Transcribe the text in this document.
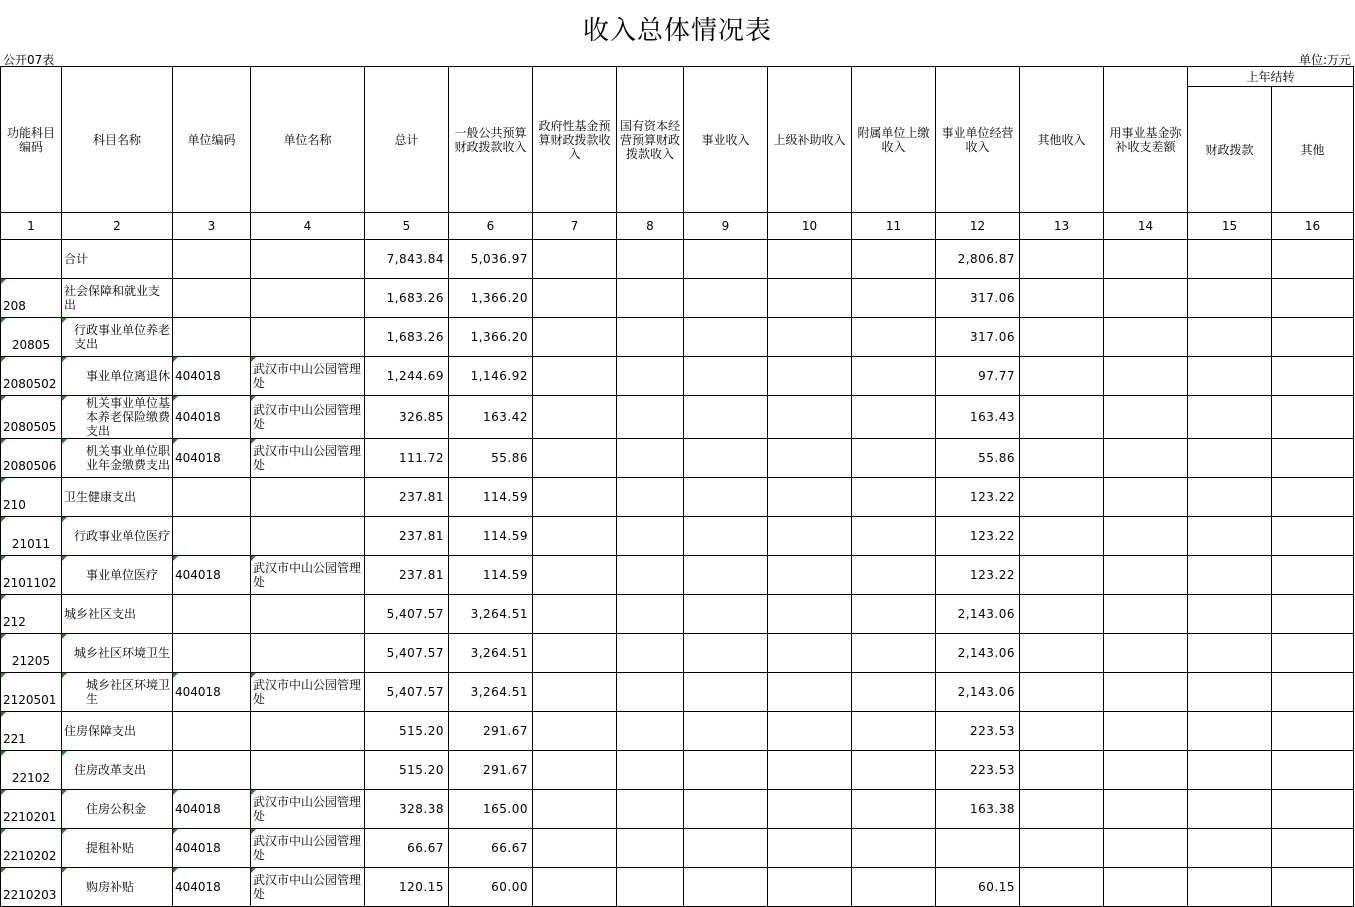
收入总体情况表
公开07表	单位:万元
功能科目编码	科目名称	单位编码	单位名称	总计	一般公共预算财政拨款收入	政府性基金预算财政拨款收入	国有资本经营预算财政拨款收入	事业收入	上级补助收入	附属单位上缴收入	事业单位经营收入	其他收入	用事业基金弥补收支差额	上年结转	
														财政拨款	其他
1	2	3	4	5	6	7	8	9	10	11	12	13	14	15	16
	合计			7,843.84	5,036.97						2,806.87				
208	社会保障和就业支出			1,683.26	1,366.20						317.06				
20805	行政事业单位养老支出			1,683.26	1,366.20						317.06				
2080502	事业单位离退休	404018	武汉市中山公园管理处	1,244.69	1,146.92						97.77				
2080505	机关事业单位基本养老保险缴费支出	404018	武汉市中山公园管理处	326.85	163.42						163.43				
2080506	机关事业单位职业年金缴费支出	404018	武汉市中山公园管理处	111.72	55.86						55.86				
210	卫生健康支出			237.81	114.59						123.22				
21011	行政事业单位医疗			237.81	114.59						123.22				
2101102	事业单位医疗	404018	武汉市中山公园管理处	237.81	114.59						123.22				
212	城乡社区支出			5,407.57	3,264.51						2,143.06				
21205	城乡社区环境卫生			5,407.57	3,264.51						2,143.06				
2120501	城乡社区环境卫生	404018	武汉市中山公园管理处	5,407.57	3,264.51						2,143.06				
221	住房保障支出			515.20	291.67						223.53				
22102	住房改革支出			515.20	291.67						223.53				
2210201	住房公积金	404018	武汉市中山公园管理处	328.38	165.00						163.38				
2210202	提租补贴	404018	武汉市中山公园管理处	66.67	66.67										
2210203	购房补贴	404018	武汉市中山公园管理处	120.15	60.00						60.15				
